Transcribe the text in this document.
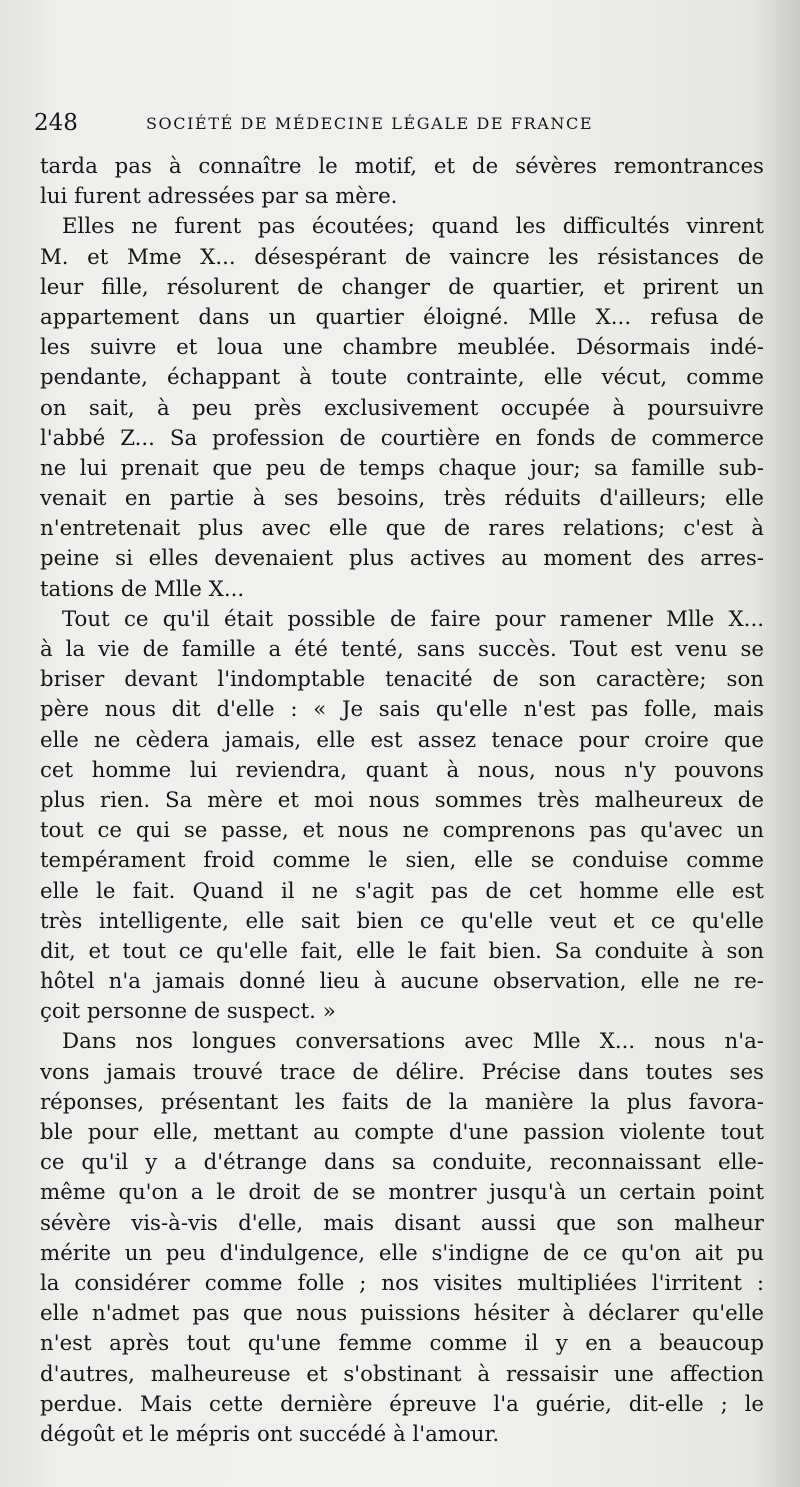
248	SOCIÉTÉ DE MÉDECINE LÉGALE DE FRANCE
tarda pas à connaître le motif, et de sévères remontrances
lui furent adressées par sa mère.
Elles ne furent pas écoutées; quand les difficultés vinrent
M. et Mme X... désespérant de vaincre les résistances de
leur fille, résolurent de changer de quartier, et prirent un
appartement dans un quartier éloigné. Mlle X... refusa de
les suivre et loua une chambre meublée. Désormais indé-
pendante, échappant à toute contrainte, elle vécut, comme
on sait, à peu près exclusivement occupée à poursuivre
l'abbé Z... Sa profession de courtière en fonds de commerce
ne lui prenait que peu de temps chaque jour; sa famille sub-
venait en partie à ses besoins, très réduits d'ailleurs; elle
n'entretenait plus avec elle que de rares relations; c'est à
peine si elles devenaient plus actives au moment des arres-
tations de Mlle X...
Tout ce qu'il était possible de faire pour ramener Mlle X...
à la vie de famille a été tenté, sans succès. Tout est venu se
briser devant l'indomptable tenacité de son caractère; son
père nous dit d'elle : « Je sais qu'elle n'est pas folle, mais
elle ne cèdera jamais, elle est assez tenace pour croire que
cet homme lui reviendra, quant à nous, nous n'y pouvons
plus rien. Sa mère et moi nous sommes très malheureux de
tout ce qui se passe, et nous ne comprenons pas qu'avec un
tempérament froid comme le sien, elle se conduise comme
elle le fait. Quand il ne s'agit pas de cet homme elle est
très intelligente, elle sait bien ce qu'elle veut et ce qu'elle
dit, et tout ce qu'elle fait, elle le fait bien. Sa conduite à son
hôtel n'a jamais donné lieu à aucune observation, elle ne re-
çoit personne de suspect. »
Dans nos longues conversations avec Mlle X... nous n'a-
vons jamais trouvé trace de délire. Précise dans toutes ses
réponses, présentant les faits de la manière la plus favora-
ble pour elle, mettant au compte d'une passion violente tout
ce qu'il y a d'étrange dans sa conduite, reconnaissant elle-
même qu'on a le droit de se montrer jusqu'à un certain point
sévère vis-à-vis d'elle, mais disant aussi que son malheur
mérite un peu d'indulgence, elle s'indigne de ce qu'on ait pu
la considérer comme folle ; nos visites multipliées l'irritent :
elle n'admet pas que nous puissions hésiter à déclarer qu'elle
n'est après tout qu'une femme comme il y en a beaucoup
d'autres, malheureuse et s'obstinant à ressaisir une affection
perdue. Mais cette dernière épreuve l'a guérie, dit-elle ; le
dégoût et le mépris ont succédé à l'amour.
